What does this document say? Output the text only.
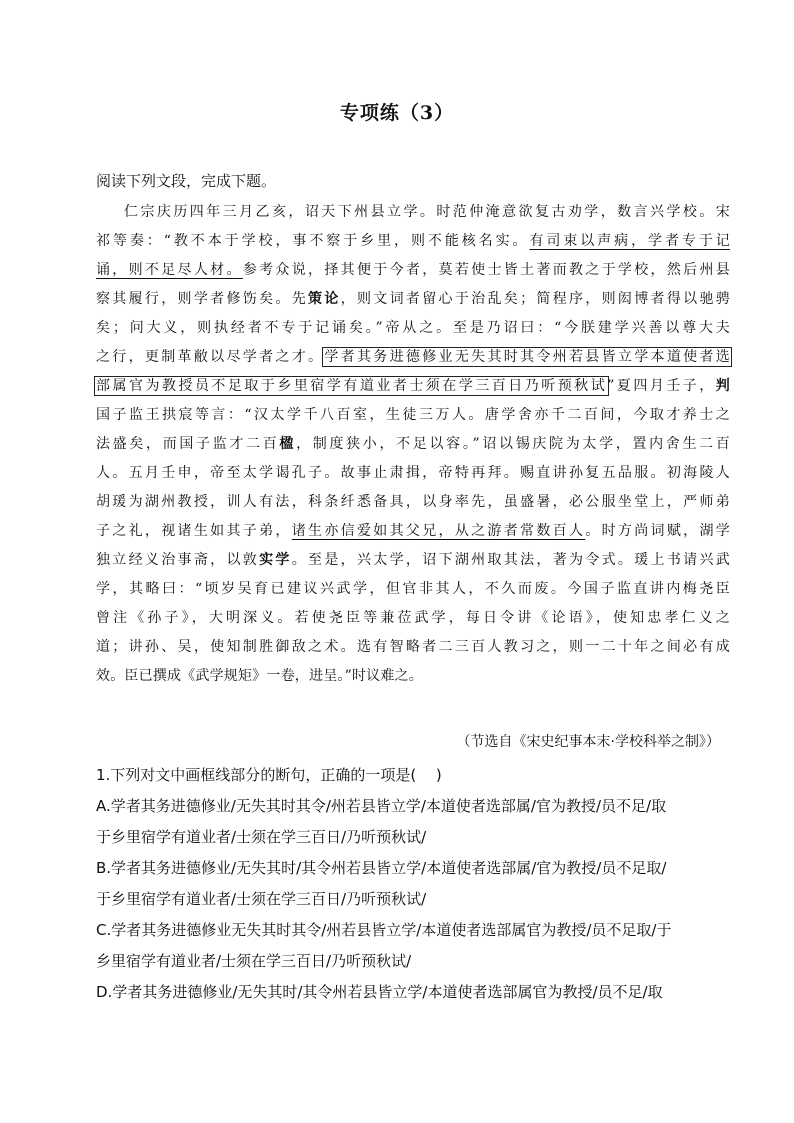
专项练（3）
阅读下列文段，完成下题。
仁宗庆历四年三月乙亥，诏天下州县立学。时范仲淹意欲复古劝学，数言兴学校。宋
祁等奏：“教不本于学校，事不察于乡里，则不能核名实。有司束以声病，学者专于记
诵，则不足尽人材。参考众说，择其便于今者，莫若使士皆土著而教之于学校，然后州县
察其履行，则学者修饬矣。先策论，则文词者留心于治乱矣；简程序，则闳博者得以驰骋
矣；问大义，则执经者不专于记诵矣。”帝从之。至是乃诏曰：“今朕建学兴善以尊大夫
之行，更制革敝以尽学者之才。学者其务进德修业无失其时其令州若县皆立学本道使者选
部属官为教授员不足取于乡里宿学有道业者士须在学三百日乃听预秋试”夏四月壬子，判
国子监王拱宸等言：“汉太学千八百室，生徒三万人。唐学舍亦千二百间，今取才养士之
法盛矣，而国子监才二百楹，制度狭小，不足以容。”诏以锡庆院为太学，置内舍生二百
人。五月壬申，帝至太学谒孔子。故事止肃揖，帝特再拜。赐直讲孙复五品服。初海陵人
胡瑗为湖州教授，训人有法，科条纤悉备具，以身率先，虽盛暑，必公服坐堂上，严师弟
子之礼，视诸生如其子弟，诸生亦信爱如其父兄，从之游者常数百人。时方尚词赋，湖学
独立经义治事斋，以敦实学。至是，兴太学，诏下湖州取其法，著为令式。瑗上书请兴武
学，其略曰：“顷岁吴育已建议兴武学，但官非其人，不久而废。今国子监直讲内梅尧臣
曾注《孙子》，大明深义。若使尧臣等兼莅武学，每日令讲《论语》，使知忠孝仁义之
道；讲孙、吴，使知制胜御敌之术。选有智略者二三百人教习之，则一二十年之间必有成
效。臣已撰成《武学规矩》一卷，进呈。”时议难之。
（节选自《宋史纪事本末·学校科举之制》）
1.下列对文中画框线部分的断句，正确的一项是(　 )
A.学者其务进德修业/无失其时其令/州若县皆立学/本道使者选部属/官为教授/员不足/取
于乡里宿学有道业者/士须在学三百日/乃听预秋试/
B.学者其务进德修业/无失其时/其令州若县皆立学/本道使者选部属/官为教授/员不足取/
于乡里宿学有道业者/士须在学三百日/乃听预秋试/
C.学者其务进德修业无失其时其令/州若县皆立学/本道使者选部属官为教授/员不足取/于
乡里宿学有道业者/士须在学三百日/乃听预秋试/
D.学者其务进德修业/无失其时/其令州若县皆立学/本道使者选部属官为教授/员不足/取
